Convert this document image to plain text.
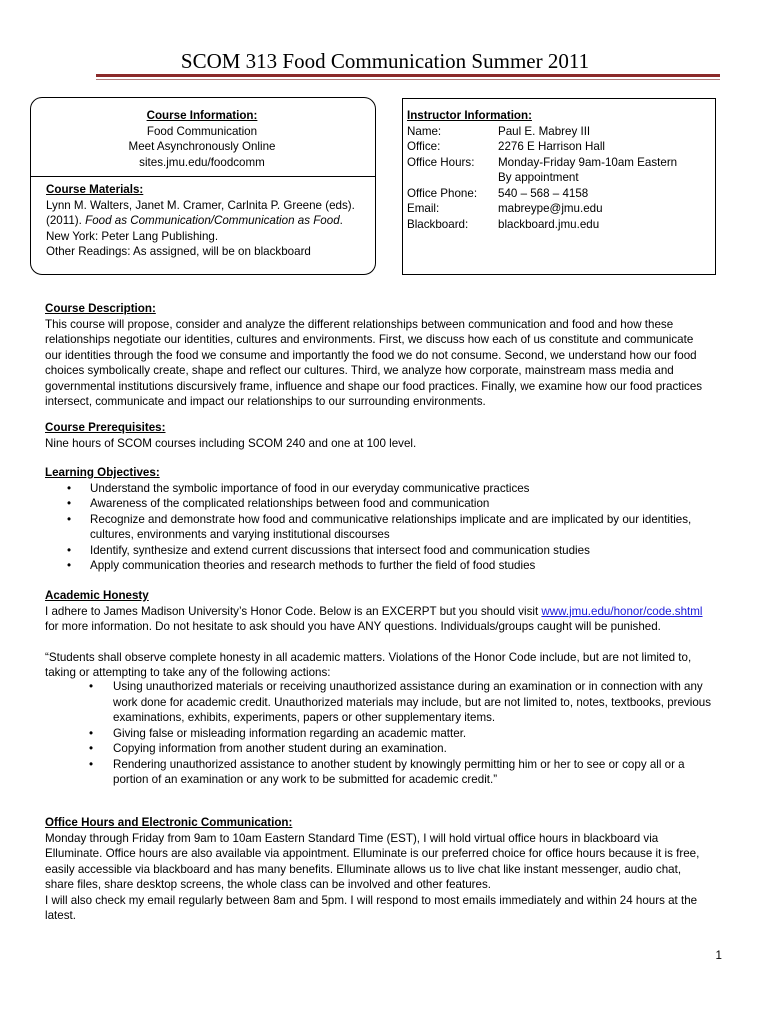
SCOM 313 Food Communication Summer 2011
Course Information:
Food Communication
Meet Asynchronously Online
sites.jmu.edu/foodcomm
Course Materials:
Lynn M. Walters, Janet M. Cramer, Carlnita P. Greene (eds).
(2011). Food as Communication/Communication as Food.
New York: Peter Lang Publishing.
Other Readings: As assigned, will be on blackboard
Instructor Information:
Name:	Paul E. Mabrey III
Office:	2276 E Harrison Hall
Office Hours: Monday-Friday 9am-10am Eastern
By appointment
Office Phone: 540 – 568 – 4158
Email:	mabreype@jmu.edu
Blackboard:	blackboard.jmu.edu
Course Description:
This course will propose, consider and analyze the different relationships between communication and food and how these
relationships negotiate our identities, cultures and environments. First, we discuss how each of us constitute and communicate
our identities through the food we consume and importantly the food we do not consume. Second, we understand how our food
choices symbolically create, shape and reflect our cultures. Third, we analyze how corporate, mainstream mass media and
governmental institutions discursively frame, influence and shape our food practices. Finally, we examine how our food practices
intersect, communicate and impact our relationships to our surrounding environments.
Course Prerequisites:
Nine hours of SCOM courses including SCOM 240 and one at 100 level.
Learning Objectives:
• Understand the symbolic importance of food in our everyday communicative practices
• Awareness of the complicated relationships between food and communication
• Recognize and demonstrate how food and communicative relationships implicate and are implicated by our identities, cultures, environments and varying institutional discourses
• Identify, synthesize and extend current discussions that intersect food and communication studies
• Apply communication theories and research methods to further the field of food studies
Academic Honesty
I adhere to James Madison University’s Honor Code. Below is an EXCERPT but you should visit www.jmu.edu/honor/code.shtml
for more information. Do not hesitate to ask should you have ANY questions. Individuals/groups caught will be punished.
“Students shall observe complete honesty in all academic matters. Violations of the Honor Code include, but are not limited to,
taking or attempting to take any of the following actions:
• Using unauthorized materials or receiving unauthorized assistance during an examination or in connection with any work done for academic credit. Unauthorized materials may include, but are not limited to, notes, textbooks, previous examinations, exhibits, experiments, papers or other supplementary items.
• Giving false or misleading information regarding an academic matter.
• Copying information from another student during an examination.
• Rendering unauthorized assistance to another student by knowingly permitting him or her to see or copy all or a portion of an examination or any work to be submitted for academic credit.”
Office Hours and Electronic Communication:
Monday through Friday from 9am to 10am Eastern Standard Time (EST), I will hold virtual office hours in blackboard via
Elluminate. Office hours are also available via appointment. Elluminate is our preferred choice for office hours because it is free,
easily accessible via blackboard and has many benefits. Elluminate allows us to live chat like instant messenger, audio chat,
share files, share desktop screens, the whole class can be involved and other features.
I will also check my email regularly between 8am and 5pm. I will respond to most emails immediately and within 24 hours at the
latest.
1
